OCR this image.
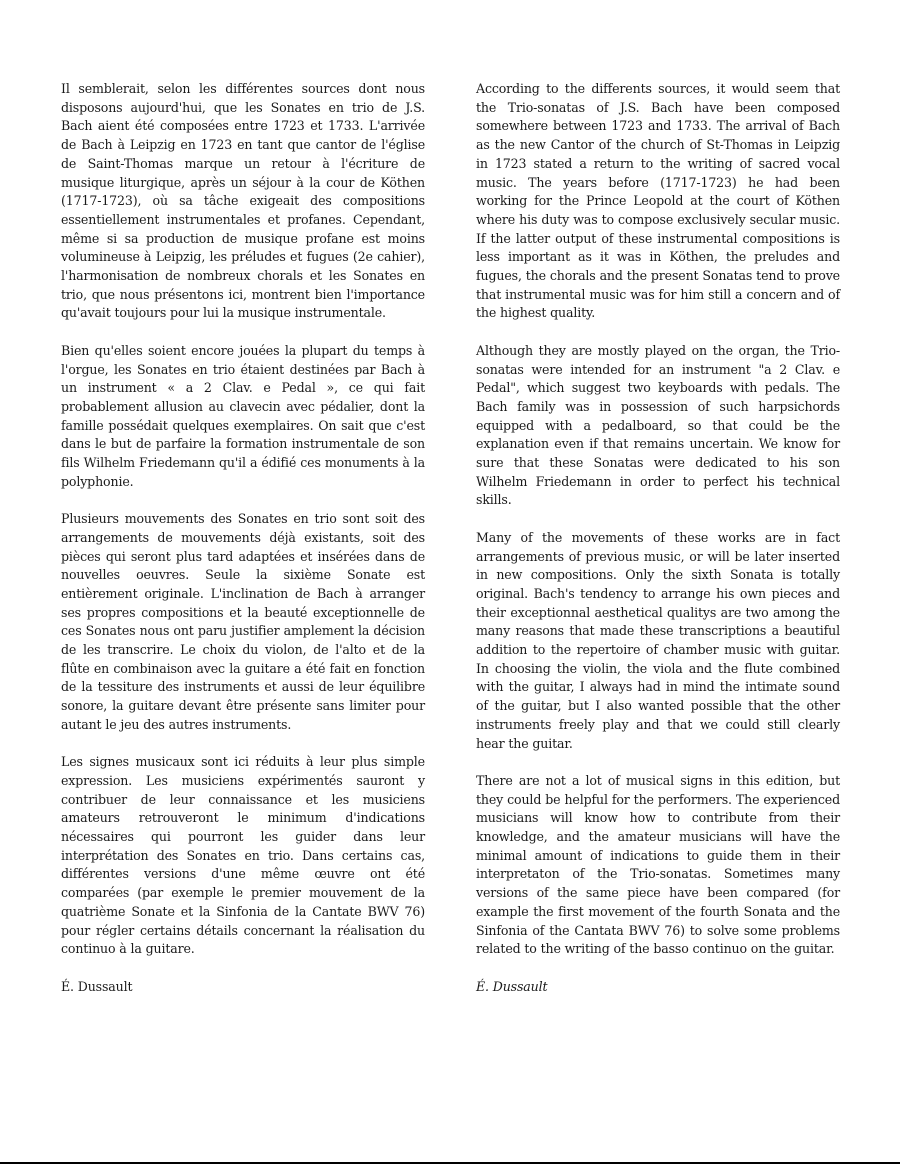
Il semblerait, selon les différentes sources dont nous disposons aujourd'hui, que les Sonates en trio de J.S. Bach aient été composées entre 1723 et 1733. L'arrivée de Bach à Leipzig en 1723 en tant que cantor de l'église de Saint-Thomas marque un retour à l'écriture de musique liturgique, après un séjour à la cour de Köthen (1717-1723), où sa tâche exigeait des compositions essentiellement instrumentales et profanes. Cependant, même si sa production de musique profane est moins volumineuse à Leipzig, les préludes et fugues (2e cahier), l'harmonisation de nombreux chorals et les Sonates en trio, que nous présentons ici, montrent bien l'importance qu'avait toujours pour lui la musique instrumentale.

Bien qu'elles soient encore jouées la plupart du temps à l'orgue, les Sonates en trio étaient destinées par Bach à un instrument « a 2 Clav. e Pedal », ce qui fait probablement allusion au clavecin avec pédalier, dont la famille possédait quelques exemplaires. On sait que c'est dans le but de parfaire la formation instrumentale de son fils Wilhelm Friedemann qu'il a édifié ces monuments à la polyphonie.

Plusieurs mouvements des Sonates en trio sont soit des arrangements de mouvements déjà existants, soit des pièces qui seront plus tard adaptées et insérées dans de nouvelles oeuvres. Seule la sixième Sonate est entièrement originale. L'inclination de Bach à arranger ses propres compositions et la beauté exceptionnelle de ces Sonates nous ont paru justifier amplement la décision de les transcrire. Le choix du violon, de l'alto et de la flûte en combinaison avec la guitare a été fait en fonction de la tessiture des instruments et aussi de leur équilibre sonore, la guitare devant être présente sans limiter pour autant le jeu des autres instruments.

Les signes musicaux sont ici réduits à leur plus simple expression. Les musiciens expérimentés sauront y contribuer de leur connaissance et les musiciens amateurs retrouveront le minimum d'indications nécessaires qui pourront les guider dans leur interprétation des Sonates en trio. Dans certains cas, différentes versions d'une même œuvre ont été comparées (par exemple le premier mouvement de la quatrième Sonate et la Sinfonia de la Cantate BWV 76) pour régler certains détails concernant la réalisation du continuo à la guitare.

É. Dussault

According to the differents sources, it would seem that the Trio-sonatas of J.S. Bach have been composed somewhere between 1723 and 1733. The arrival of Bach as the new Cantor of the church of St-Thomas in Leipzig in 1723 stated a return to the writing of sacred vocal music. The years before (1717-1723) he had been working for the Prince Leopold at the court of Köthen where his duty was to compose exclusively secular music. If the latter output of these instrumental compositions is less important as it was in Köthen, the preludes and fugues, the chorals and the present Sonatas tend to prove that instrumental music was for him still a concern and of the highest quality.

Although they are mostly played on the organ, the Trio-sonatas were intended for an instrument "a 2 Clav. e Pedal", which suggest two keyboards with pedals. The Bach family was in possession of such harpsichords equipped with a pedalboard, so that could be the explanation even if that remains uncertain. We know for sure that these Sonatas were dedicated to his son Wilhelm Friedemann in order to perfect his technical skills.

Many of the movements of these works are in fact arrangements of previous music, or will be later inserted in new compositions. Only the sixth Sonata is totally original. Bach's tendency to arrange his own pieces and their exceptionnal aesthetical qualitys are two among the many reasons that made these transcriptions a beautiful addition to the repertoire of chamber music with guitar. In choosing the violin, the viola and the flute combined with the guitar, I always had in mind the intimate sound of the guitar, but I also wanted possible that the other instruments freely play and that we could still clearly hear the guitar.

There are not a lot of musical signs in this edition, but they could be helpful for the performers. The experienced musicians will know how to contribute from their knowledge, and the amateur musicians will have the minimal amount of indications to guide them in their interpretaton of the Trio-sonatas. Sometimes many versions of the same piece have been compared (for example the first movement of the fourth Sonata and the Sinfonia of the Cantata BWV 76) to solve some problems related to the writing of the basso continuo on the guitar.

É. Dussault
